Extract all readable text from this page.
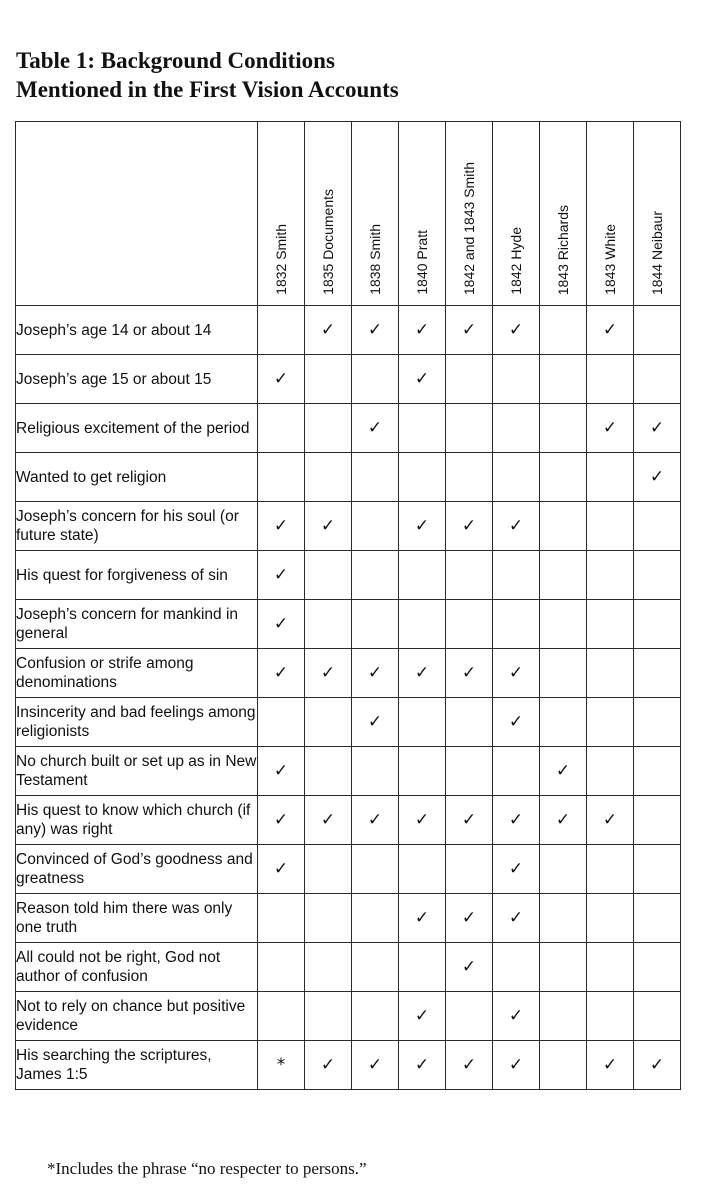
Table 1: Background Conditions
Mentioned in the First Vision Accounts

	1832 Smith	1835 Documents	1838 Smith	1840 Pratt	1842 and 1843 Smith	1842 Hyde	1843 Richards	1843 White	1844 Neibaur

Joseph’s age 14 or about 14		✓	✓	✓	✓	✓		✓	
Joseph’s age 15 or about 15	✓			✓					
Religious excitement of the period			✓					✓	✓
Wanted to get religion									✓
Joseph’s concern for his soul (or future state)	✓	✓		✓	✓	✓			
His quest for forgiveness of sin	✓								
Joseph’s concern for mankind in general	✓								
Confusion or strife among denominations	✓	✓	✓	✓	✓	✓			
Insincerity and bad feelings among religionists			✓			✓			
No church built or set up as in New Testament	✓						✓		
His quest to know which church (if any) was right	✓	✓	✓	✓	✓	✓	✓	✓	
Convinced of God’s goodness and greatness	✓					✓			
Reason told him there was only one truth				✓	✓	✓			
All could not be right, God not author of confusion					✓				
Not to rely on chance but positive evidence				✓		✓			
His searching the scriptures, James 1:5	*	✓	✓	✓	✓	✓		✓	✓
*Includes the phrase “no respecter to persons.”
